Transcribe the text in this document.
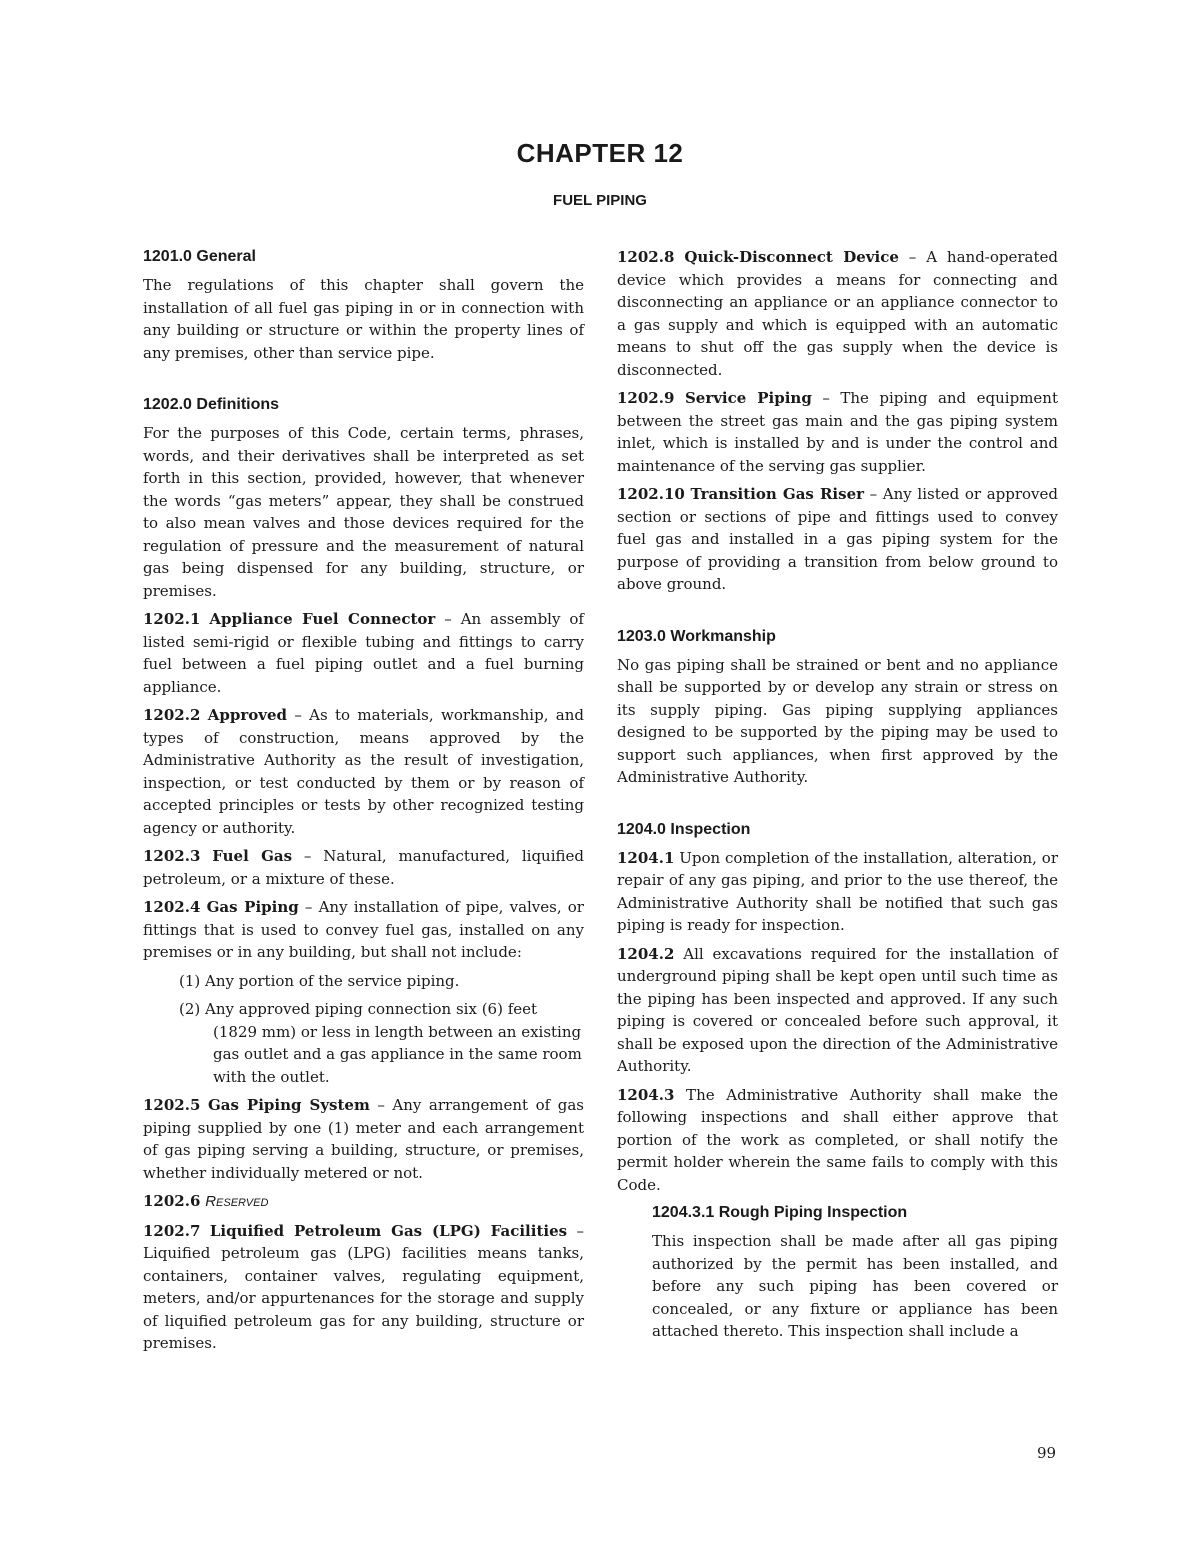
CHAPTER 12
FUEL PIPING
1201.0 General

The regulations of this chapter shall govern the installation of all fuel gas piping in or in connection with any building or structure or within the property lines of any premises, other than service pipe.

1202.0 Definitions

For the purposes of this Code, certain terms, phrases, words, and their derivatives shall be interpreted as set forth in this section, provided, however, that whenever the words “gas meters” appear, they shall be construed to also mean valves and those devices required for the regulation of pressure and the measurement of natural gas being dispensed for any building, structure, or premises.

1202.1 Appliance Fuel Connector – An assembly of listed semi-rigid or flexible tubing and fittings to carry fuel between a fuel piping outlet and a fuel burning appliance.

1202.2 Approved – As to materials, workmanship, and types of construction, means approved by the Administrative Authority as the result of investigation, inspection, or test conducted by them or by reason of accepted principles or tests by other recognized testing agency or authority.

1202.3 Fuel Gas – Natural, manufactured, liquified petroleum, or a mixture of these.

1202.4 Gas Piping – Any installation of pipe, valves, or fittings that is used to convey fuel gas, installed on any premises or in any building, but shall not include:

(1) Any portion of the service piping.

(2) Any approved piping connection six (6) feet (1829 mm) or less in length between an existing gas outlet and a gas appliance in the same room with the outlet.

1202.5 Gas Piping System – Any arrangement of gas piping supplied by one (1) meter and each arrangement of gas piping serving a building, structure, or premises, whether individually metered or not.

1202.6 Reserved

1202.7 Liquified Petroleum Gas (LPG) Facilities – Liquified petroleum gas (LPG) facilities means tanks, containers, container valves, regulating equipment, meters, and/or appurtenances for the storage and supply of liquified petroleum gas for any building, structure or premises.

1202.8 Quick-Disconnect Device – A hand-operated device which provides a means for connecting and disconnecting an appliance or an appliance connector to a gas supply and which is equipped with an automatic means to shut off the gas supply when the device is disconnected.

1202.9 Service Piping – The piping and equipment between the street gas main and the gas piping system inlet, which is installed by and is under the control and maintenance of the serving gas supplier.

1202.10 Transition Gas Riser – Any listed or approved section or sections of pipe and fittings used to convey fuel gas and installed in a gas piping system for the purpose of providing a transition from below ground to above ground.

1203.0 Workmanship

No gas piping shall be strained or bent and no appliance shall be supported by or develop any strain or stress on its supply piping. Gas piping supplying appliances designed to be supported by the piping may be used to support such appliances, when first approved by the Administrative Authority.

1204.0 Inspection

1204.1 Upon completion of the installation, alteration, or repair of any gas piping, and prior to the use thereof, the Administrative Authority shall be notified that such gas piping is ready for inspection.

1204.2 All excavations required for the installation of underground piping shall be kept open until such time as the piping has been inspected and approved. If any such piping is covered or concealed before such approval, it shall be exposed upon the direction of the Administrative Authority.

1204.3 The Administrative Authority shall make the following inspections and shall either approve that portion of the work as completed, or shall notify the permit holder wherein the same fails to comply with this Code.

1204.3.1 Rough Piping Inspection

This inspection shall be made after all gas piping authorized by the permit has been installed, and before any such piping has been covered or concealed, or any fixture or appliance has been attached thereto. This inspection shall include a

99
